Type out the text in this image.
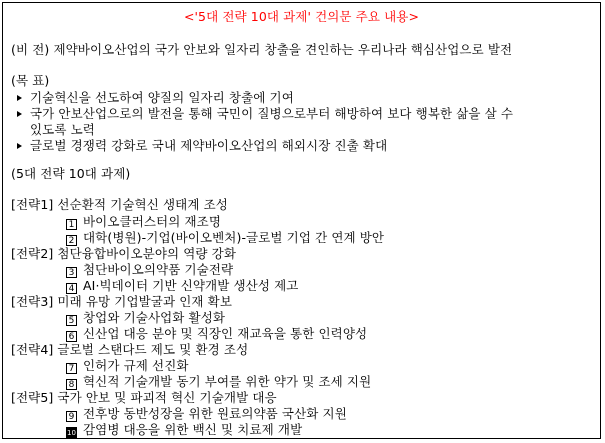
<'5대 전략 10대 과제' 건의문 주요 내용>
(비 전) 제약바이오산업의 국가 안보와 일자리 창출을 견인하는 우리나라 핵심산업으로 발전
(목 표)
기술혁신을 선도하여 양질의 일자리 창출에 기여
국가 안보산업으로의 발전을 통해 국민이 질병으로부터 해방하여 보다 행복한 삶을 살 수
있도록 노력
글로벌 경쟁력 강화로 국내 제약바이오산업의 해외시장 진출 확대
(5대 전략 10대 과제)
[전략1] 선순환적 기술혁신 생태계 조성
1 바이오클러스터의 재조명
2 대학(병원)-기업(바이오벤처)-글로벌 기업 간 연계 방안
[전략2] 첨단융합바이오분야의 역량 강화
3 첨단바이오의약품 기술전략
4 AI·빅데이터 기반 신약개발 생산성 제고
[전략3] 미래 유망 기업발굴과 인재 확보
5 창업와 기술사업화 활성화
6 신산업 대응 분야 및 직장인 재교육을 통한 인력양성
[전략4] 글로벌 스탠다드 제도 및 환경 조성
7 인허가 규제 선진화
8 혁신적 기술개발 동기 부여를 위한 약가 및 조세 지원
[전략5] 국가 안보 및 파괴적 혁신 기술개발 대응
9 전후방 동반성장을 위한 원료의약품 국산화 지원
10 감염병 대응을 위한 백신 및 치료제 개발
